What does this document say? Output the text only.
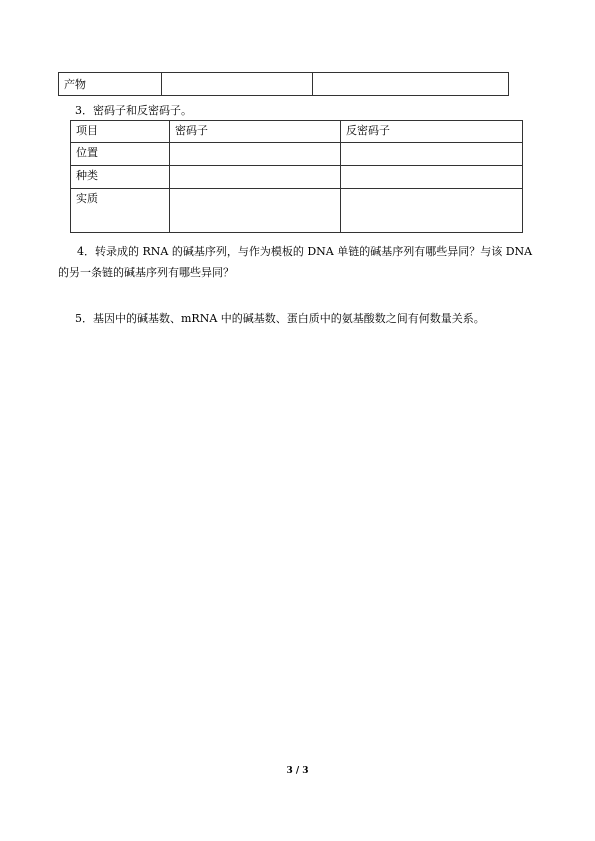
产物		

3．密码子和反密码子。

项目	密码子	反密码子
位置		
种类		
实质		

4．转录成的 RNA 的碱基序列，与作为模板的 DNA 单链的碱基序列有哪些异同？与该 DNA

的另一条链的碱基序列有哪些异同？

5．基因中的碱基数、mRNA 中的碱基数、蛋白质中的氨基酸数之间有何数量关系。

3 / 3
